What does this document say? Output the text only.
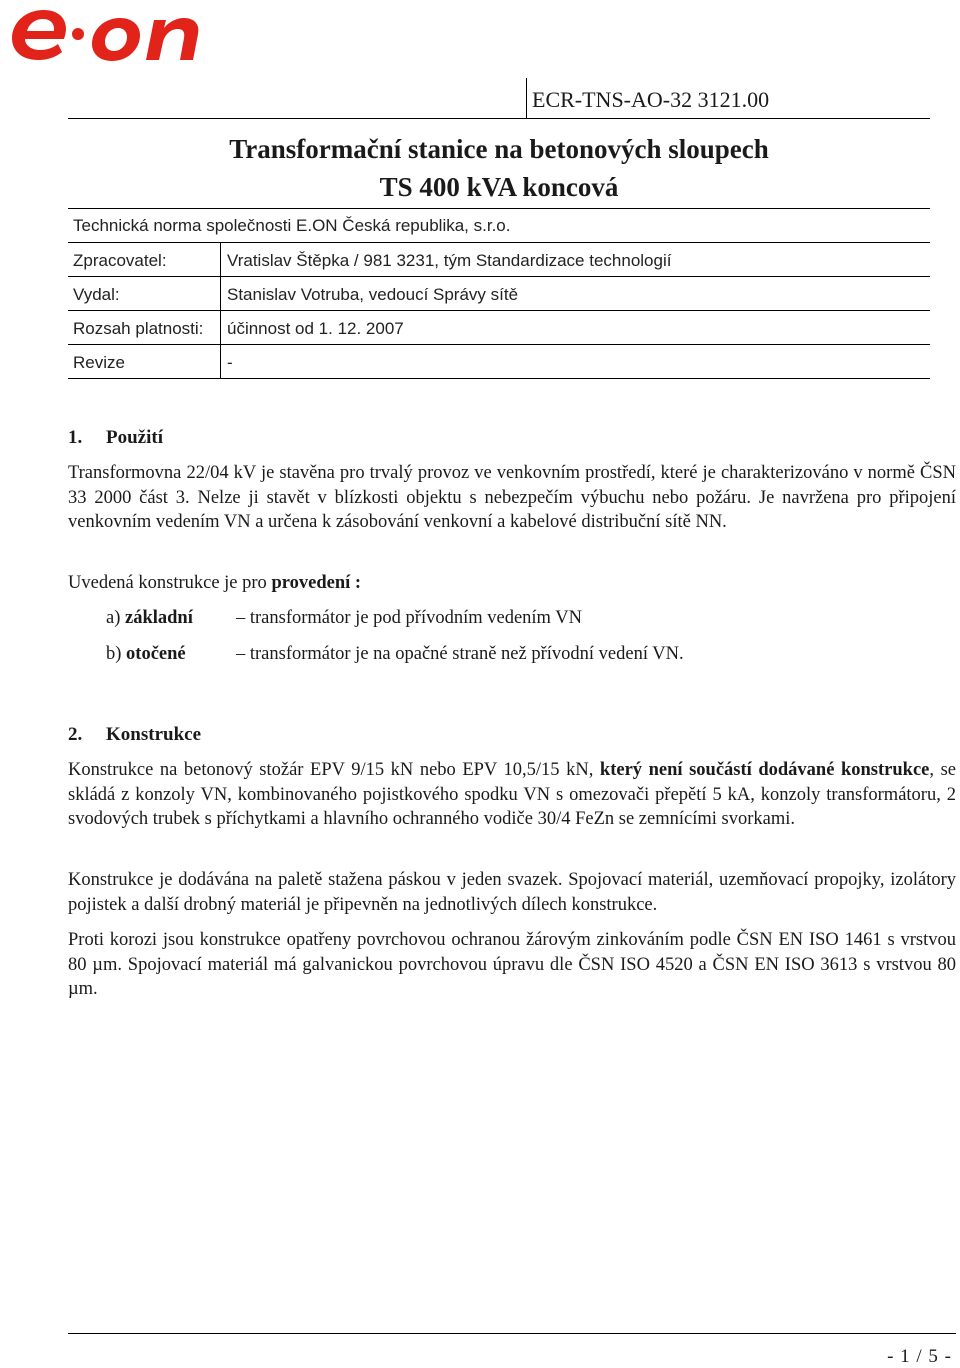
ECR-TNS-AO-32 3121.00
Transformační stanice na betonových sloupech
TS 400 kVA koncová
Technická norma společnosti E.ON Česká republika, s.r.o.
Zpracovatel:	Vratislav Štěpka / 981 3231, tým Standardizace technologií
Vydal:	Stanislav Votruba, vedoucí Správy sítě
Rozsah platnosti: účinnost od 1. 12. 2007
Revize	-
1. Použití
Transformovna 22/04 kV je stavěna pro trvalý provoz ve venkovním prostředí, které je charakterizováno v normě ČSN 33 2000 část 3. Nelze ji stavět v blízkosti objektu s nebezpečím výbuchu nebo požáru. Je navržena pro připojení venkovním vedením VN a určena k zásobování venkovní a kabelové distribuční sítě NN.
Uvedená konstrukce je pro provedení :
a) základní – transformátor je pod přívodním vedením VN
b) otočené	– transformátor je na opačné straně než přívodní vedení VN.
2. Konstrukce
Konstrukce na betonový stožár EPV 9/15 kN nebo EPV 10,5/15 kN, který není součástí dodávané konstrukce, se skládá z konzoly VN, kombinovaného pojistkového spodku VN s omezovači přepětí 5 kA, konzoly transformátoru, 2 svodových trubek s příchytkami a hlavního ochranného vodiče 30/4 FeZn se zemnícími svorkami.
Konstrukce je dodávána na paletě stažena páskou v jeden svazek. Spojovací materiál, uzemňovací propojky, izolátory pojistek a další drobný materiál je připevněn na jednotlivých dílech konstrukce.
Proti korozi jsou konstrukce opatřeny povrchovou ochranou žárovým zinkováním podle ČSN EN ISO 1461 s vrstvou 80 µm. Spojovací materiál má galvanickou povrchovou úpravu dle ČSN ISO 4520 a ČSN EN ISO 3613 s vrstvou 80 µm.
- 1 / 5 -
